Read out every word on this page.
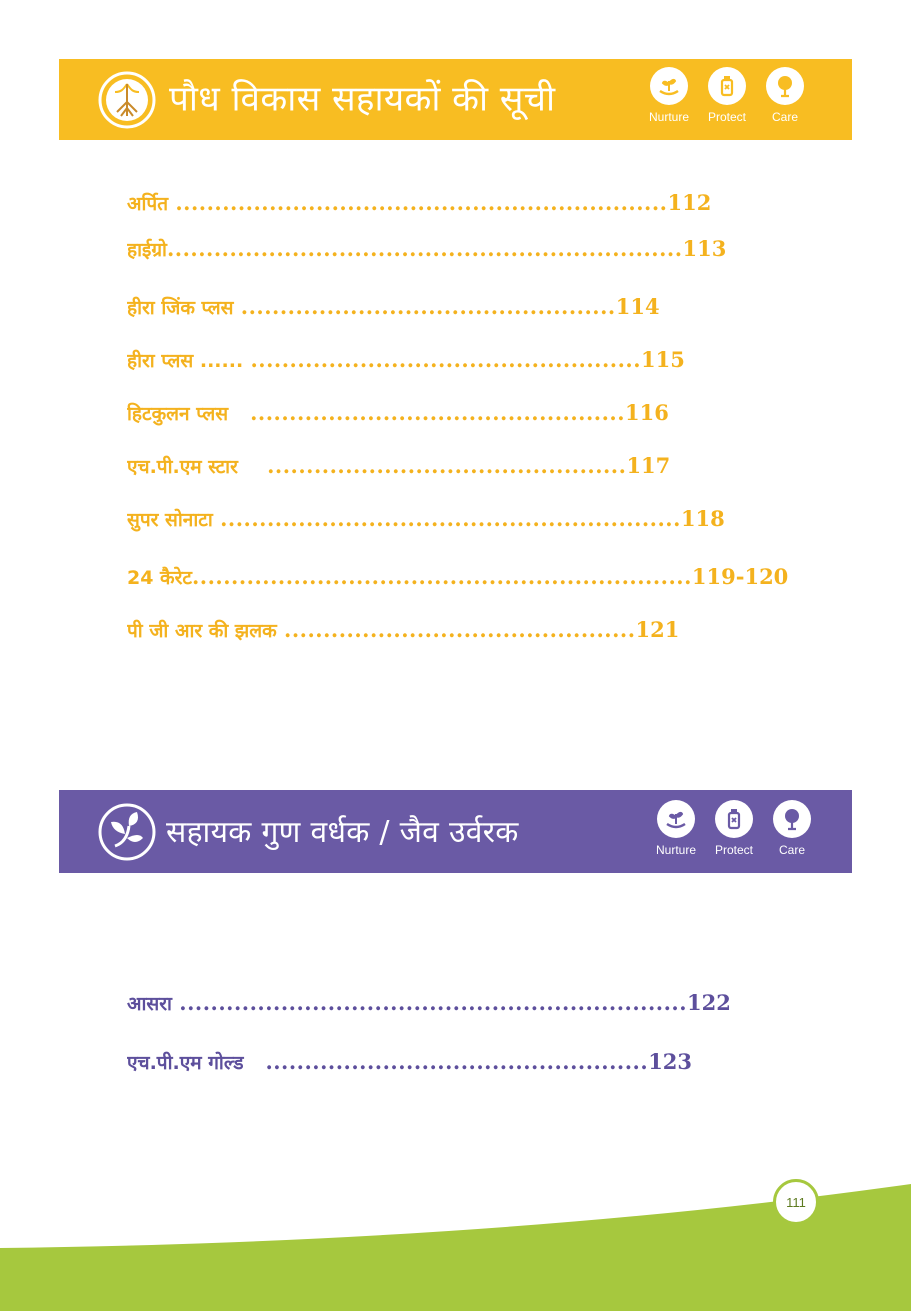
पौध विकास सहायकों की सूची	Nurture Protect Care
अर्पित ...............................................................112
हाईग्रो..................................................................113
हीरा जिंक प्लस ................................................114
हीरा प्लस ...... ..................................................115
हिटकुलन प्लस ................................................116
एच.पी.एम स्टार ..............................................117
सुपर सोनाटा ...........................................................118
24 कैरेट................................................................119-120
पी जी आर की झलक .............................................121
सहायक गुण वर्धक / जैव उर्वरक
Nurture Protect Care
आसरा .................................................................122
एच.पी.एम गोल्ड .................................................123
111
